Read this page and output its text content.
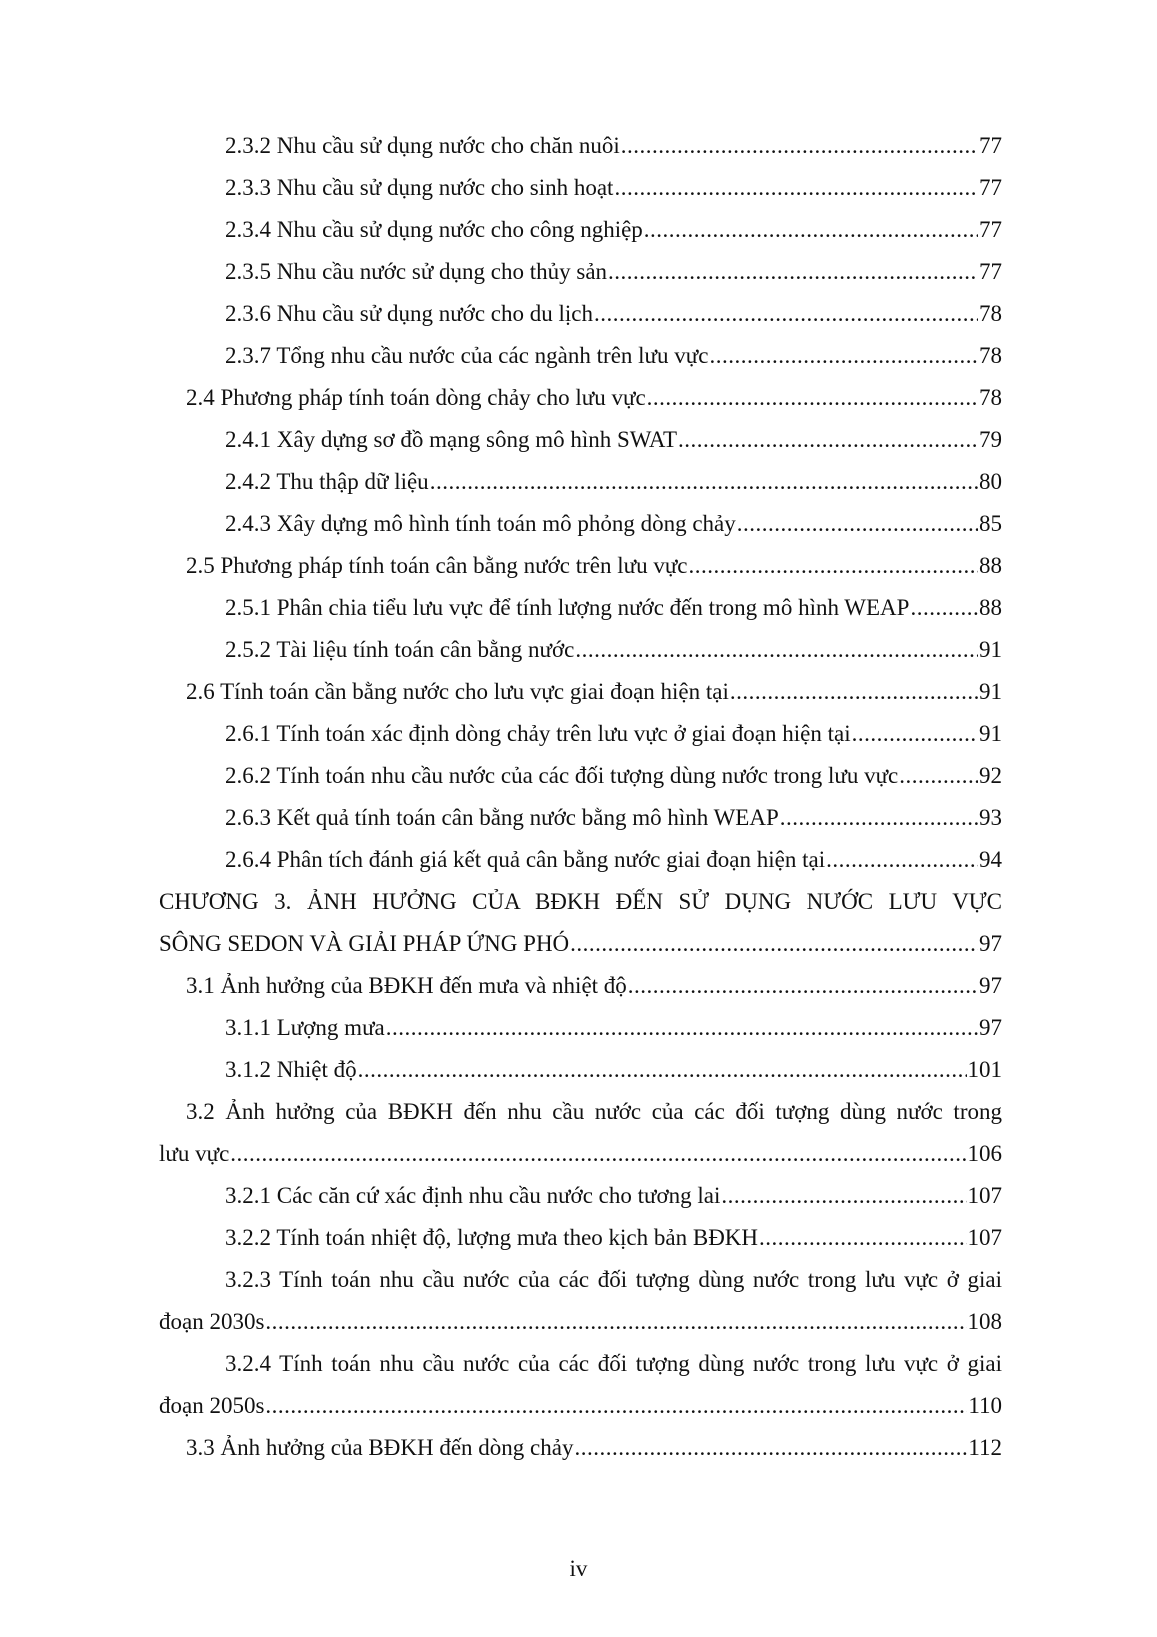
2.3.2 Nhu cầu sử dụng nước cho chăn nuôi .....	77
2.3.3 Nhu cầu sử dụng nước cho sinh hoạt .....	77
2.3.4 Nhu cầu sử dụng nước cho công nghiệp .....	77
2.3.5 Nhu cầu nước sử dụng cho thủy sản .....	77
2.3.6 Nhu cầu sử dụng nước cho du lịch .....	78
2.3.7 Tổng nhu cầu nước của các ngành trên lưu vực .....	78
2.4 Phương pháp tính toán dòng chảy cho lưu vực .....	78
2.4.1 Xây dựng sơ đồ mạng sông mô hình SWAT .....	79
2.4.2 Thu thập dữ liệu .....	80
2.4.3 Xây dựng mô hình tính toán mô phỏng dòng chảy .....	85
2.5 Phương pháp tính toán cân bằng nước trên lưu vực .....	88
2.5.1 Phân chia tiểu lưu vực để tính lượng nước đến trong mô hình WEAP .....	88
2.5.2 Tài liệu tính toán cân bằng nước .....	91
2.6 Tính toán cần bằng nước cho lưu vực giai đoạn hiện tại .....	91
2.6.1 Tính toán xác định dòng chảy trên lưu vực ở giai đoạn hiện tại .....	91
2.6.2 Tính toán nhu cầu nước của các đối tượng dùng nước trong lưu vực .....	92
2.6.3 Kết quả tính toán cân bằng nước bằng mô hình WEAP .....	93
2.6.4 Phân tích đánh giá kết quả cân bằng nước giai đoạn hiện tại .....	94
CHƯƠNG 3. ẢNH HƯỞNG CỦA BĐKH ĐẾN SỬ DỤNG NƯỚC LƯU VỰC
SÔNG SEDON VÀ GIẢI PHÁP ỨNG PHÓ .....	97
3.1 Ảnh hưởng của BĐKH đến mưa và nhiệt độ .....	97
3.1.1 Lượng mưa .....	97
3.1.2 Nhiệt độ .....	101
3.2 Ảnh hưởng của BĐKH đến nhu cầu nước của các đối tượng dùng nước trong
lưu vực .....	106
3.2.1 Các căn cứ xác định nhu cầu nước cho tương lai .....	107
3.2.2 Tính toán nhiệt độ, lượng mưa theo kịch bản BĐKH .....	107
3.2.3 Tính toán nhu cầu nước của các đối tượng dùng nước trong lưu vực ở giai
đoạn 2030s .....	108
3.2.4 Tính toán nhu cầu nước của các đối tượng dùng nước trong lưu vực ở giai
đoạn 2050s .....	110
3.3 Ảnh hưởng của BĐKH đến dòng chảy .....	112
iv
